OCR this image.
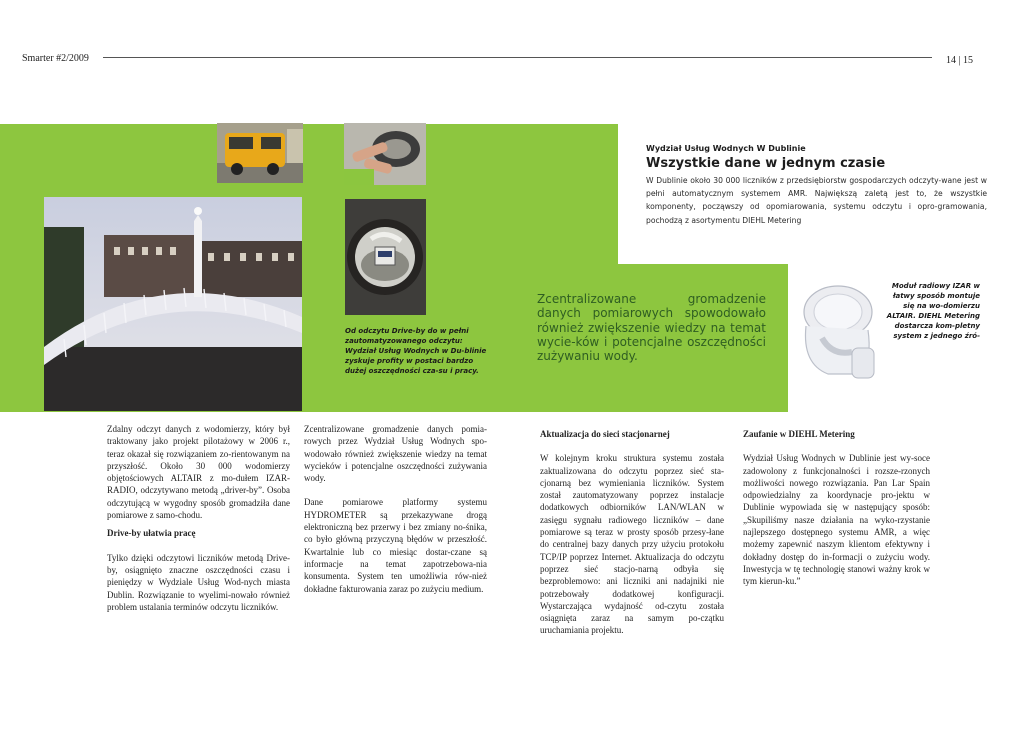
Smarter #2/2009	14 | 15
Wydział Usług Wodnych W Dublinie
Wszystkie dane w jednym czasie
W Dublinie około 30 000 liczników z przedsiębiorstw gospodarczych odczyty-wane jest w pełni automatycznym systemem AMR. Największą zaletą jest to, że wszystkie komponenty, począwszy od opomiarowania, systemu odczytu i opro-gramowania, pochodzą z asortymentu DIEHL Metering
Od odczytu Drive-by do w pełni zautomatyzowanego odczytu: Wydział Usług Wodnych w Du-blinie zyskuje profity w postaci bardzo dużej oszczędności cza-su i pracy.
Moduł radiowy IZAR w łatwy sposób montuje się na wo-domierzu ALTAIR. DIEHL Metering dostarcza kom-pletny system z jednego źró-
Zcentralizowane gromadzenie danych pomiarowych spowodowało również zwiększenie wiedzy na temat wycie-ków i potencjalne oszczędności zużywaniu wody.

Zdalny odczyt danych z wodomierzy, który był traktowany jako projekt pilotażowy w 2006 r., teraz okazał się rozwiązaniem zo-rientowanym na przyszłość. Około 30 000 wodomierzy objętościowych ALTAIR z mo-dułem IZAR-RADIO, odczytywano metodą „driver-by”. Osoba odczytującą w wygodny sposób gromadziła dane pomiarowe z samo-chodu.

Drive-by ułatwia pracę

Tylko dzięki odczytowi liczników metodą Drive-by, osiągnięto znaczne oszczędności czasu i pieniędzy w Wydziale Usług Wod-nych miasta Dublin. Rozwiązanie to wyelimi-nowało również problem ustalania terminów odczytu liczników.

Zcentralizowane gromadzenie danych pomia-rowych przez Wydział Usług Wodnych spo-wodowało również zwiększenie wiedzy na temat wycieków i potencjalne oszczędności zużywania wody.

Dane pomiarowe platformy systemu HYDROMETER są przekazywane drogą elektroniczną bez przerwy i bez zmiany no-śnika, co było główną przyczyną błędów w przeszłość. Kwartalnie lub co miesiąc dostar-czane są informacje na temat zapotrzebowa-nia konsumenta. System ten umożliwia rów-nież dokładne fakturowania zaraz po zużyciu medium.

Aktualizacja do sieci stacjonarnej

W kolejnym kroku struktura systemu została zaktualizowana do odczytu poprzez sieć sta-cjonarną bez wymieniania liczników. System został zautomatyzowany poprzez instalacje dodatkowych odbiorników LAN/WLAN w zasięgu sygnału radiowego liczników – dane pomiarowe są teraz w prosty sposób przesy-łane do centralnej bazy danych przy użyciu protokołu TCP/IP poprzez Internet. Aktualizacja do odczytu poprzez sieć stacjo-narną odbyła się bezproblemowo: ani liczniki ani nadajniki nie potrzebowały dodatkowej konfiguracji. Wystarczająca wydajność od-czytu została osiągnięta zaraz na samym po-czątku uruchamiania projektu.

Zaufanie w DIEHL Metering

Wydział Usług Wodnych w Dublinie jest wy-soce zadowolony z funkcjonalności i rozsze-rzonych możliwości nowego rozwiązania. Pan Lar Spain odpowiedzialny za koordynacje pro-jektu w Dublinie wypowiada się w następujący sposób: „Skupiliśmy nasze działania na wyko-rzystanie najlepszego dostępnego systemu AMR, a więc możemy zapewnić naszym klientom efektywny i dokładny dostęp do in-formacji o zużyciu wody. Inwestycja w tę technologię stanowi ważny krok w tym kierun-ku.”
